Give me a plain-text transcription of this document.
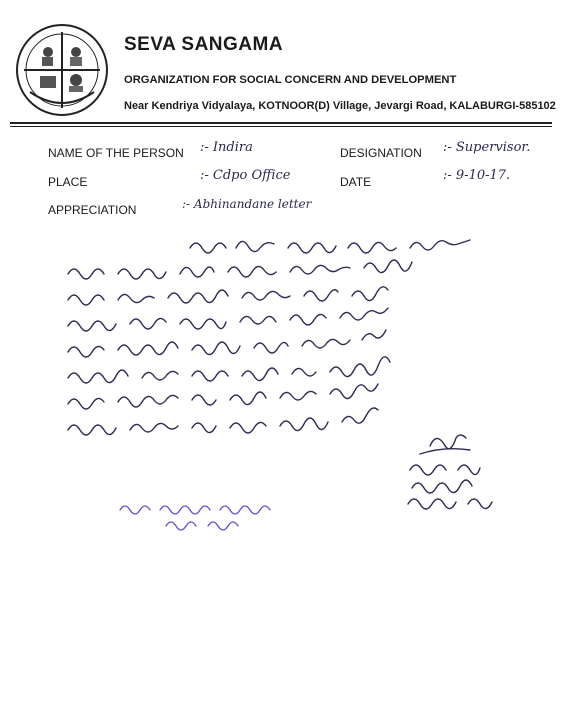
SEVA SANGAMA
ORGANIZATION FOR SOCIAL CONCERN AND DEVELOPMENT
Near Kendriya Vidyalaya, KOTNOOR(D) Village, Jevargi Road, KALABURGI-585102
NAME OF THE PERSON :- Indira	DESIGNATION :- Supervisor.
PLACE	:- Cdpo Office	DATE	:- 9-10-17.
APPRECIATION	:- Abhinandane letter
